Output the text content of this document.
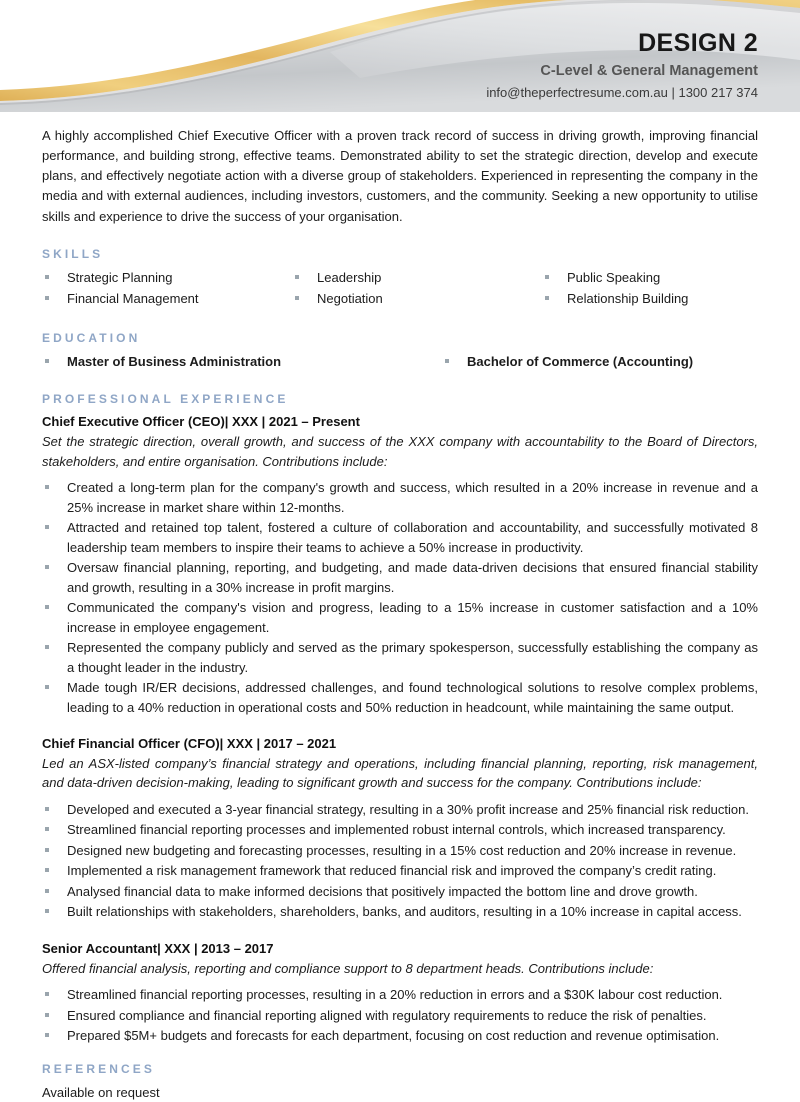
DESIGN 2
C-Level & General Management
info@theperfectresume.com.au | 1300 217 374

A highly accomplished Chief Executive Officer with a proven track record of success in driving growth, improving financial performance, and building strong, effective teams. Demonstrated ability to set the strategic direction, develop and execute plans, and effectively negotiate action with a diverse group of stakeholders. Experienced in representing the company in the media and with external audiences, including investors, customers, and the community. Seeking a new opportunity to utilise skills and experience to drive the success of your organisation.

SKILLS
Strategic Planning
Financial Management
Leadership
Negotiation
Public Speaking
Relationship Building
EDUCATION
Master of Business Administration	Bachelor of Commerce (Accounting)
PROFESSIONAL EXPERIENCE
Chief Executive Officer (CEO)| XXX | 2021 – Present
Set the strategic direction, overall growth, and success of the XXX company with accountability to the Board of Directors, stakeholders, and entire organisation. Contributions include:
Created a long-term plan for the company's growth and success, which resulted in a 20% increase in revenue and a 25% increase in market share within 12-months.
Attracted and retained top talent, fostered a culture of collaboration and accountability, and successfully motivated 8 leadership team members to inspire their teams to achieve a 50% increase in productivity.
Oversaw financial planning, reporting, and budgeting, and made data-driven decisions that ensured financial stability and growth, resulting in a 30% increase in profit margins.
Communicated the company's vision and progress, leading to a 15% increase in customer satisfaction and a 10% increase in employee engagement.
Represented the company publicly and served as the primary spokesperson, successfully establishing the company as a thought leader in the industry.
Made tough IR/ER decisions, addressed challenges, and found technological solutions to resolve complex problems, leading to a 40% reduction in operational costs and 50% reduction in headcount, while maintaining the same output.
Chief Financial Officer (CFO)| XXX | 2017 – 2021
Led an ASX-listed company’s financial strategy and operations, including financial planning, reporting, risk management, and data-driven decision-making, leading to significant growth and success for the company. Contributions include:
Developed and executed a 3-year financial strategy, resulting in a 30% profit increase and 25% financial risk reduction.
Streamlined financial reporting processes and implemented robust internal controls, which increased transparency.
Designed new budgeting and forecasting processes, resulting in a 15% cost reduction and 20% increase in revenue.
Implemented a risk management framework that reduced financial risk and improved the company’s credit rating.
Analysed financial data to make informed decisions that positively impacted the bottom line and drove growth.
Built relationships with stakeholders, shareholders, banks, and auditors, resulting in a 10% increase in capital access.
Senior Accountant| XXX | 2013 – 2017
Offered financial analysis, reporting and compliance support to 8 department heads. Contributions include:
Streamlined financial reporting processes, resulting in a 20% reduction in errors and a $30K labour cost reduction.
Ensured compliance and financial reporting aligned with regulatory requirements to reduce the risk of penalties.
Prepared $5M+ budgets and forecasts for each department, focusing on cost reduction and revenue optimisation.
REFERENCES
Available on request
